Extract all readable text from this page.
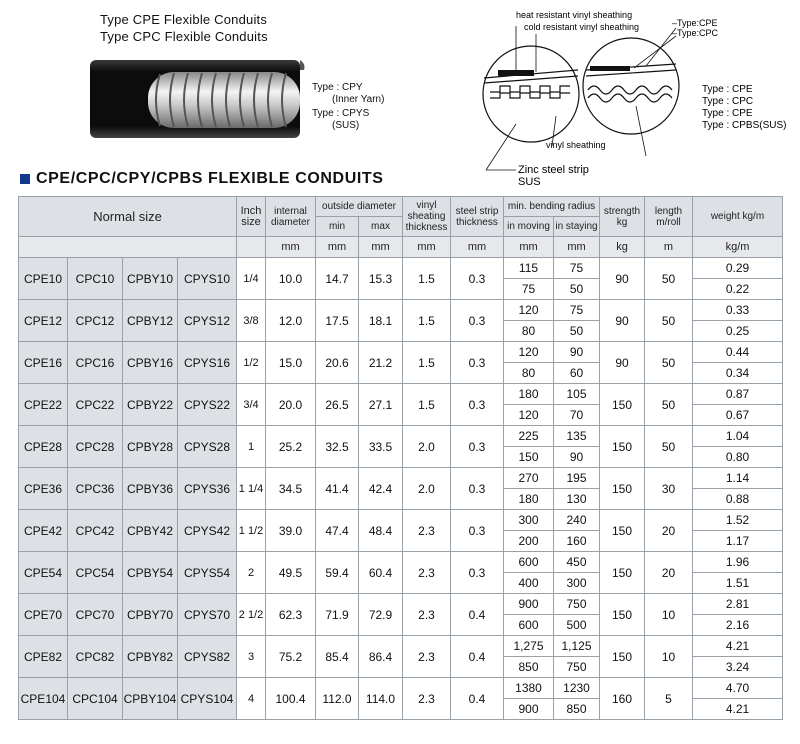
Type CPE Flexible Conduits
Type CPC Flexible Conduits
Type : CPY
(Inner Yarn)
Type : CPYS
(SUS)
heat resistant vinyl sheathing
cold resistant vinyl sheathing	–Type:CPE
–Type:CPC
vinyl sheathing
Zinc steel strip
SUS
Type : CPE
Type : CPC
Type : CPE
Type : CPBS(SUS)
CPE/CPC/CPY/CPBS FLEXIBLE CONDUITS
Normal size				Inch size	internal diameter	outside diameter		vinyl sheating thickness	steel strip thickness	min. bending radius		strength kg	length m/roll	weight kg/m	
						min	max			in moving	in staying				
					mm	mm	mm	mm	mm	mm	mm	kg	m	kg/m	
CPE10	CPC10	CPBY10	CPYS10	1/4	10.0	14.7	15.3	1.5	0.3	115	75	90	50	0.29	
										75	50			0.22	
CPE12	CPC12	CPBY12	CPYS12	3/8	12.0	17.5	18.1	1.5	0.3	120	75	90	50	0.33	
										80	50			0.25	
CPE16	CPC16	CPBY16	CPYS16	1/2	15.0	20.6	21.2	1.5	0.3	120	90	90	50	0.44	
										80	60			0.34	
CPE22	CPC22	CPBY22	CPYS22	3/4	20.0	26.5	27.1	1.5	0.3	180	105	150	50	0.87	
										120	70			0.67	
CPE28	CPC28	CPBY28	CPYS28	1	25.2	32.5	33.5	2.0	0.3	225	135	150	50	1.04	
										150	90			0.80	
CPE36	CPC36	CPBY36	CPYS36	1 1/4	34.5	41.4	42.4	2.0	0.3	270	195	150	30	1.14	
										180	130			0.88	
CPE42	CPC42	CPBY42	CPYS42	1 1/2	39.0	47.4	48.4	2.3	0.3	300	240	150	20	1.52	
										200	160			1.17	
CPE54	CPC54	CPBY54	CPYS54	2	49.5	59.4	60.4	2.3	0.3	600	450	150	20	1.96	
										400	300			1.51	
CPE70	CPC70	CPBY70	CPYS70	2 1/2	62.3	71.9	72.9	2.3	0.4	900	750	150	10	2.81	
										600	500			2.16	
CPE82	CPC82	CPBY82	CPYS82	3	75.2	85.4	86.4	2.3	0.4	1,275	1,125	150	10	4.21	
										850	750			3.24	
CPE104	CPC104	CPBY104	CPYS104	4	100.4	112.0	114.0	2.3	0.4	1380	1230	160	5	4.70	
										900	850			4.21	
